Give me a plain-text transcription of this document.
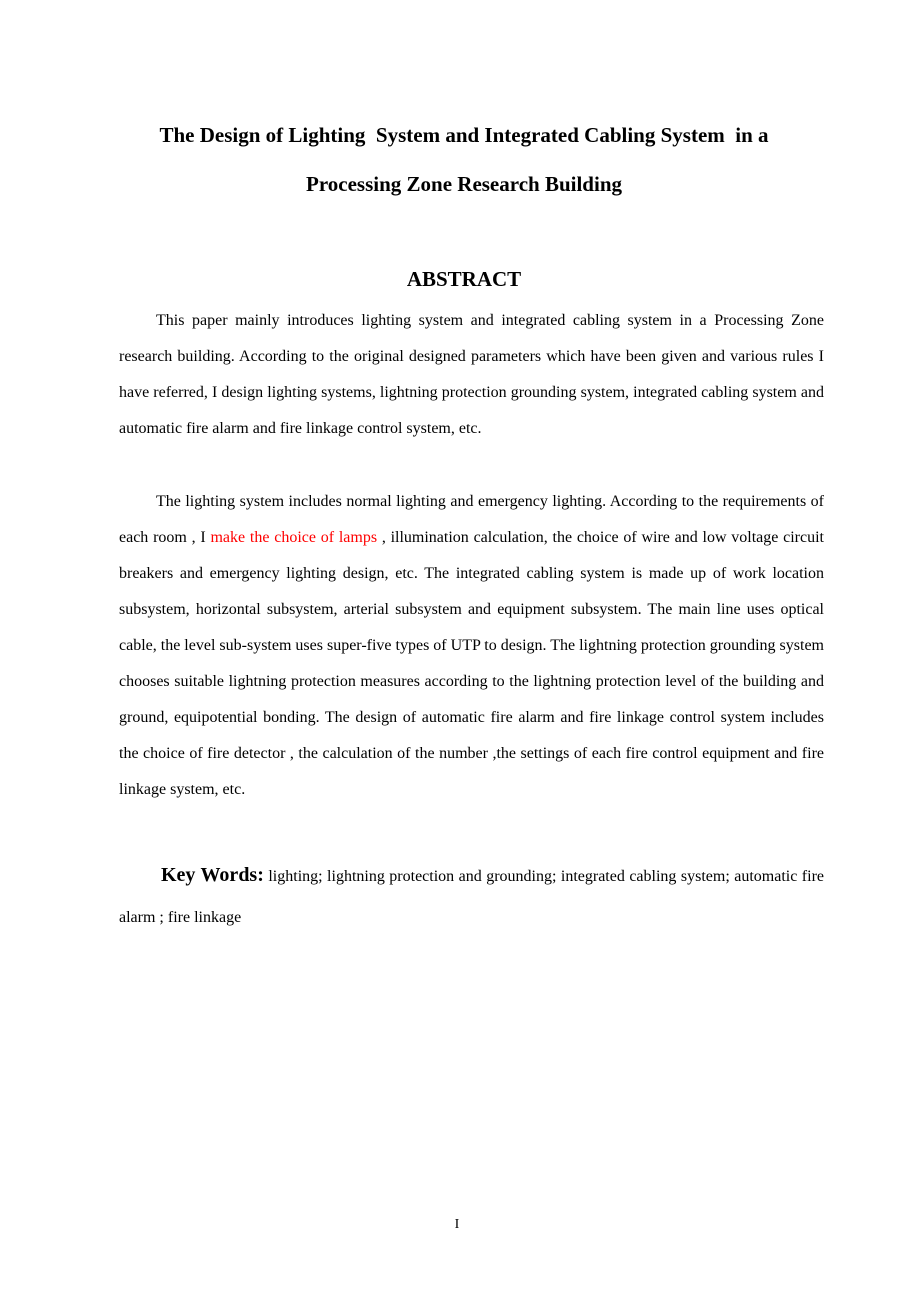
The Design of Lighting  System and Integrated Cabling System  in a
Processing Zone Research Building
ABSTRACT

This paper mainly introduces lighting system and integrated cabling system in a Processing Zone research building. According to the original designed parameters which have been given and various rules I have referred, I design lighting systems, lightning protection grounding system, integrated cabling system and automatic fire alarm and fire linkage control system, etc.

The lighting system includes normal lighting and emergency lighting. According to the requirements of each room , I make the choice of lamps , illumination calculation, the choice of wire and low voltage circuit breakers and emergency lighting design, etc. The integrated cabling system is made up of work location subsystem, horizontal subsystem, arterial subsystem and equipment subsystem. The main line uses optical cable, the level sub-system uses super-five types of UTP to design. The lightning protection grounding system chooses suitable lightning protection measures according to the lightning protection level of the building and ground, equipotential bonding. The design of automatic fire alarm and fire linkage control system includes the choice of fire detector , the calculation of the number ,the settings of each fire control equipment and fire linkage system, etc.

Key Words: lighting; lightning protection and grounding; integrated cabling system; automatic fire alarm ; fire linkage
I
